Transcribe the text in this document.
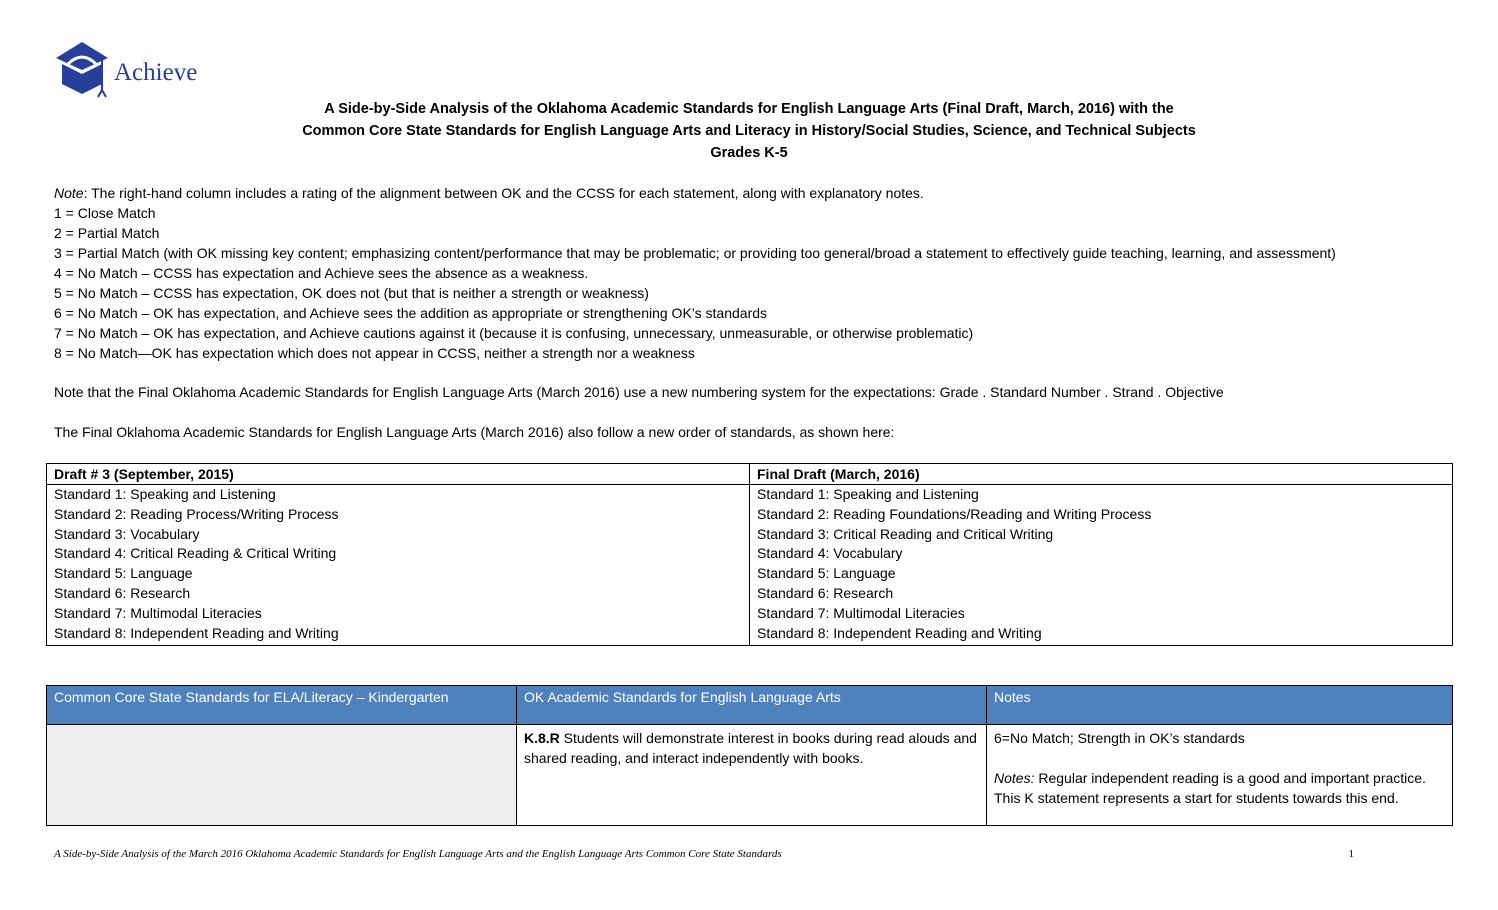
Achieve
A Side-by-Side Analysis of the Oklahoma Academic Standards for English Language Arts (Final Draft, March, 2016) with the
Common Core State Standards for English Language Arts and Literacy in History/Social Studies, Science, and Technical Subjects
Grades K-5
Note: The right-hand column includes a rating of the alignment between OK and the CCSS for each statement, along with explanatory notes.
1 = Close Match
2 = Partial Match
3 = Partial Match (with OK missing key content; emphasizing content/performance that may be problematic; or providing too general/broad a statement to effectively guide teaching, learning, and assessment)
4 = No Match – CCSS has expectation and Achieve sees the absence as a weakness.
5 = No Match – CCSS has expectation, OK does not (but that is neither a strength or weakness)
6 = No Match – OK has expectation, and Achieve sees the addition as appropriate or strengthening OK’s standards
7 = No Match – OK has expectation, and Achieve cautions against it (because it is confusing, unnecessary, unmeasurable, or otherwise problematic)
8 = No Match—OK has expectation which does not appear in CCSS, neither a strength nor a weakness
Note that the Final Oklahoma Academic Standards for English Language Arts (March 2016) use a new numbering system for the expectations: Grade . Standard Number . Strand . Objective
The Final Oklahoma Academic Standards for English Language Arts (March 2016) also follow a new order of standards, as shown here:
Draft # 3 (September, 2015)	Final Draft (March, 2016)
Standard 1: Speaking and Listening	Standard 1: Speaking and Listening
Standard 2: Reading Process/Writing Process	Standard 2: Reading Foundations/Reading and Writing Process
Standard 3: Vocabulary	Standard 3: Critical Reading and Critical Writing
Standard 4: Critical Reading & Critical Writing	Standard 4: Vocabulary
Standard 5: Language	Standard 5: Language
Standard 6: Research	Standard 6: Research
Standard 7: Multimodal Literacies	Standard 7: Multimodal Literacies
Standard 8: Independent Reading and Writing	Standard 8: Independent Reading and Writing

Common Core State Standards for ELA/Literacy – Kindergarten	OK Academic Standards for English Language Arts	Notes
	K.8.R Students will demonstrate interest in books during read alouds and shared reading, and interact independently with books.	6=No Match; Strength in OK’s standards
Notes: Regular independent reading is a good and important practice. This K statement represents a start for students towards this end.
A Side-by-Side Analysis of the March 2016 Oklahoma Academic Standards for English Language Arts and the English Language Arts Common Core State Standards	1
